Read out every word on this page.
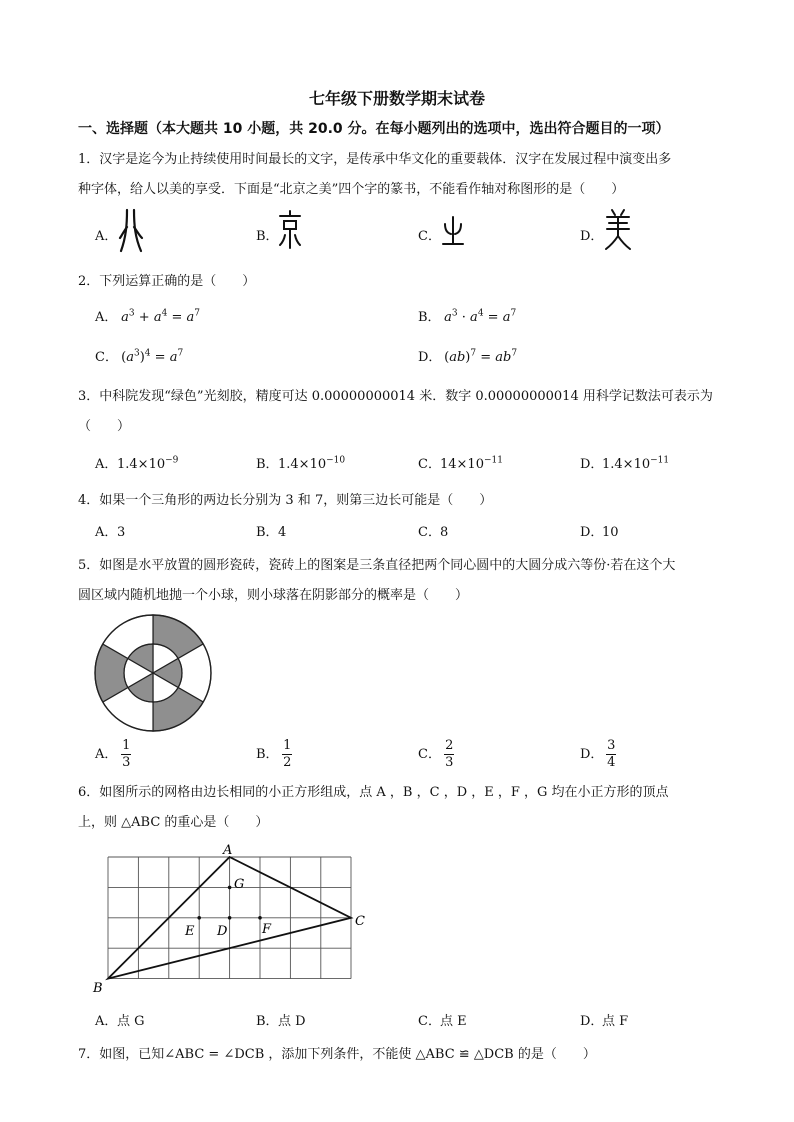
七年级下册数学期末试卷
一、选择题（本大题共 10 小题，共 20.0 分。在每小题列出的选项中，选出符合题目的一项）
1．汉字是迄今为止持续使用时间最长的文字，是传承中华文化的重要载体．汉字在发展过程中演变出多
种字体，给人以美的享受．下面是“北京之美”四个字的篆书，不能看作轴对称图形的是（　　）
A．	B．	C．	D．
2．下列运算正确的是（　　）
A． $a^3 + a^4 = a^7$	B． $a^3 \cdot a^4 = a^7$
C． $(a^3)^4 = a^7$	D． $(ab)^7 = ab^7$
3．中科院发现“绿色”光刻胶，精度可达 0.00000000014 米．数字 0.00000000014 用科学记数法可表示为
（　　）
A．$1.4\times 10^{-9}$	B．$1.4\times 10^{-10}$	C．$14\times 10^{-11}$	D．$1.4\times 10^{-11}$
4．如果一个三角形的两边长分别为 3 和 7，则第三边长可能是（　　）
A．3	B．4	C．8	D．10
5．如图是水平放置的圆形瓷砖，瓷砖上的图案是三条直径把两个同心圆中的大圆分成六等份·若在这个大
圆区域内随机地抛一个小球，则小球落在阴影部分的概率是（　　）
A． $\frac{1}{3}$	B． $\frac{1}{2}$	C． $\frac{2}{3}$	D． $\frac{3}{4}$
6．如图所示的网格由边长相同的小正方形组成，点 A ，B ，C ，D ，E ，F ，G 均在小正方形的顶点
上，则 △ABC 的重心是（　　）
A
B
C
D
E	F
G
A．点 G	B．点 D	C．点 E	D．点 F
7．如图，已知∠ABC = ∠DCB ，添加下列条件，不能使 △ABC ≌ △DCB 的是（　　）
